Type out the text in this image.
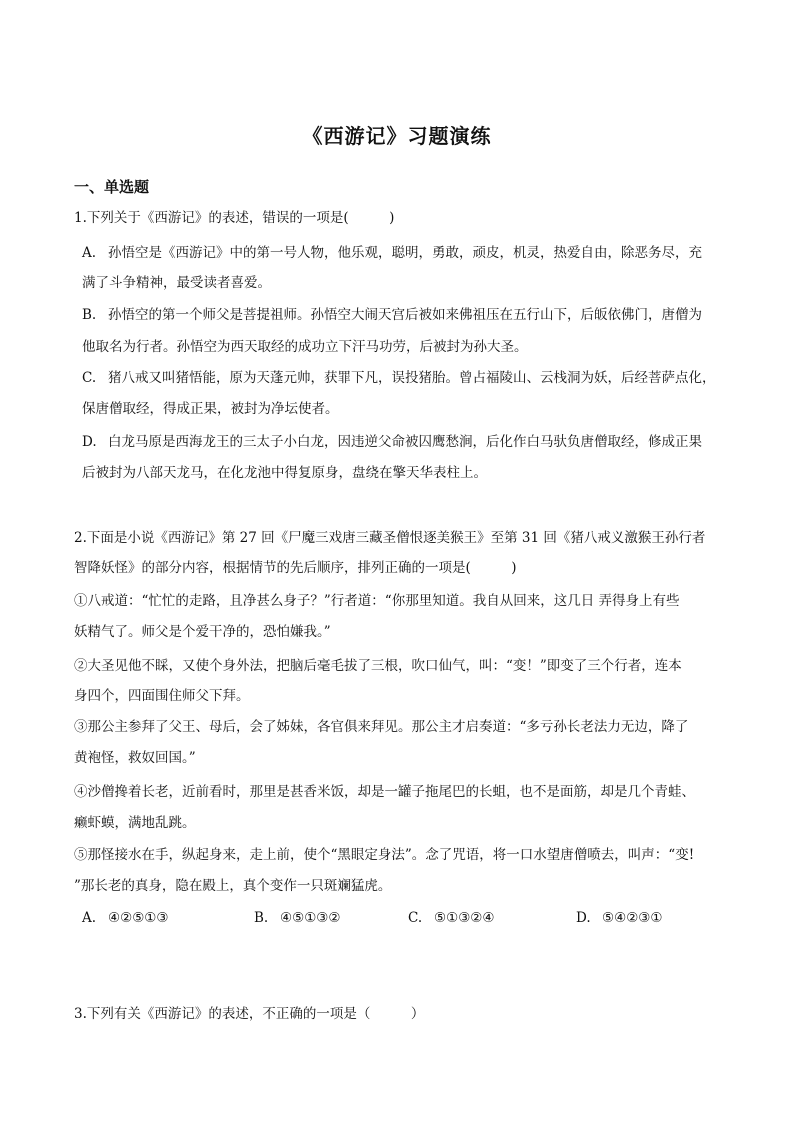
《西游记》习题演练
一、单选题
1.下列关于《西游记》的表述，错误的一项是(　　　)
A. 孙悟空是《西游记》中的第一号人物，他乐观，聪明，勇敢，顽皮，机灵，热爱自由，除恶务尽，充
满了斗争精神，最受读者喜爱。
B. 孙悟空的第一个师父是菩提祖师。孙悟空大闹天宫后被如来佛祖压在五行山下，后皈依佛门，唐僧为
他取名为行者。孙悟空为西天取经的成功立下汗马功劳，后被封为孙大圣。
C. 猪八戒又叫猪悟能，原为天蓬元帅，获罪下凡，误投猪胎。曾占福陵山、云栈洞为妖，后经菩萨点化，
保唐僧取经，得成正果，被封为净坛使者。
D. 白龙马原是西海龙王的三太子小白龙，因违逆父命被囚鹰愁涧，后化作白马驮负唐僧取经，修成正果
后被封为八部天龙马，在化龙池中得复原身，盘绕在擎天华表柱上。
2.下面是小说《西游记》第 27 回《尸魔三戏唐三藏圣僧恨逐美猴王》至第 31 回《猪八戒义激猴王孙行者
智降妖怪》的部分内容，根据情节的先后顺序，排列正确的一项是(　　　)
①八戒道：“忙忙的走路，且净甚么身子？”行者道：“你那里知道。我自从回来，这几日 弄得身上有些
妖精气了。师父是个爱干净的，恐怕嫌我。”
②大圣见他不睬，又使个身外法，把脑后毫毛拔了三根，吹口仙气，叫：“变！”即变了三个行者，连本
身四个，四面围住师父下拜。
③那公主参拜了父王、母后，会了姊妹，各官俱来拜见。那公主才启奏道：“多亏孙长老法力无边，降了
黄袍怪，救奴回国。”
④沙僧搀着长老，近前看时，那里是甚香米饭，却是一罐子拖尾巴的长蛆，也不是面筋，却是几个青蛙、
癞虾蟆，满地乱跳。
⑤那怪接水在手，纵起身来，走上前，使个“黑眼定身法”。念了咒语，将一口水望唐僧喷去，叫声：“变!
”那长老的真身，隐在殿上，真个变作一只斑斓猛虎。
A. ④②⑤①③	B. ④⑤①③②	C. ⑤①③②④	D. ⑤④②③①
3.下列有关《西游记》的表述，不正确的一项是（　　　）
